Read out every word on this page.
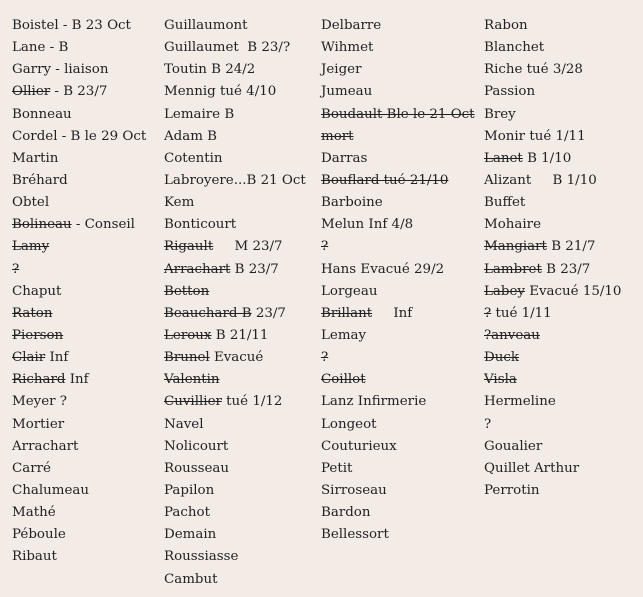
Boistel - B 23 Oct
Lane - B
Garry - liaison
Ollier - B 23/7
Bonneau
Cordel - B le 29 Oct
Martin
Bréhard
Obtel
Bolineau - Conseil
Lamy
?
Chaput
Raton
Pierson
Clair Inf
Richard Inf
Meyer ?
Mortier
Arrachart
Carré
Chalumeau
Mathé
Péboule
Ribaut
Guillaumont
Guillaumet  B 23/?
Toutin B 24/2
Mennig tué 4/10
Lemaire B
Adam B
Cotentin
Labroyere...B 21 Oct
Kem
Bonticourt
Rigault     M 23/7
Arrachart B 23/7
Betton
Beauchard B 23/7
Leroux B 21/11
Brunel Evacué
Valentin
Cuvillier tué 1/12
Navel
Nolicourt
Rousseau
Papilon
Pachot
Demain
Roussiasse
Cambut
Delbarre
Wihmet
Jeiger
Jumeau
Boudault Ble le 21 Oct
mort
Darras
Bouflard tué 21/10
Barboine
Melun Inf 4/8
?
Hans Evacué 29/2
Lorgeau
Brillant     Inf
Lemay
?
Coillot
Lanz Infirmerie
Longeot
Couturieux
Petit
Sirroseau
Bardon
Bellessort
Rabon
Blanchet
Riche tué 3/28
Passion
Brey
Monir tué 1/11
Lanet B 1/10
Alizant     B 1/10
Buffet
Mohaire
Mangiart B 21/7
Lambret B 23/7
Labey Evacué 15/10
? tué 1/11
?anveau
Duck
Visla
Hermeline
?
Goualier
Quillet Arthur
Perrotin
